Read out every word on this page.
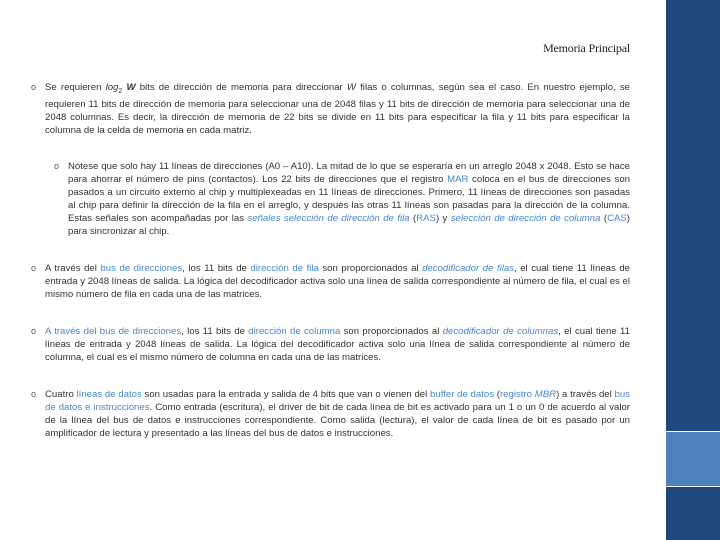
Memoria Principal
o Se requieren $\log_2 W$ bits de dirección de memoria para direccionar W filas o columnas, según sea el caso. En nuestro ejemplo, se requieren 11 bits de dirección de memoria para seleccionar una de 2048 filas y 11 bits de dirección de memoria para seleccionar una de 2048 columnas. Es decir, la dirección de memoria de 22 bits se divide en 11 bits para especificar la fila y 11 bits para especificar la columna de la celda de memoria en cada matriz.
o Nótese que solo hay 11 líneas de direcciones (A0 – A10). La mitad de lo que se esperaría en un arreglo 2048 x 2048. Esto se hace para ahorrar el número de pins (contactos). Los 22 bits de direcciones que el registro MAR coloca en el bus de direcciones son pasados a un circuito externo al chip y multiplexeadas en 11 líneas de direcciones. Primero, 11 líneas de direcciones son pasadas al chip para definir la dirección de la fila en el arreglo, y después las otras 11 líneas son pasadas para la dirección de la columna. Estas señales son acompañadas por las señales selección de dirección de fila (RAS) y selección de dirección de columna (CAS) para sincronizar al chip.
o A través del bus de direcciones, los 11 bits de dirección de fila son proporcionados al decodificador de filas, el cual tiene 11 líneas de entrada y 2048 líneas de salida. La lógica del decodificador activa solo una línea de salida correspondiente al número de fila, el cual es el mismo número de fila en cada una de las matrices.
o A través del bus de direcciones, los 11 bits de dirección de columna son proporcionados al decodificador de columnas, el cual tiene 11 líneas de entrada y 2048 líneas de salida. La lógica del decodificador activa solo una línea de salida correspondiente al número de columna, el cual es el mismo número de columna en cada una de las matrices.
o Cuatro líneas de datos son usadas para la entrada y salida de 4 bits que van o vienen del buffer de datos (registro MBR) a través del bus de datos e instrucciones. Como entrada (escritura), el driver de bit de cada línea de bit es activado para un 1 o un 0 de acuerdo al valor de la línea del bus de datos e instrucciones correspondiente. Como salida (lectura), el valor de cada línea de bit es pasado por un amplificador de lectura y presentado a las líneas del bus de datos e instrucciones.
